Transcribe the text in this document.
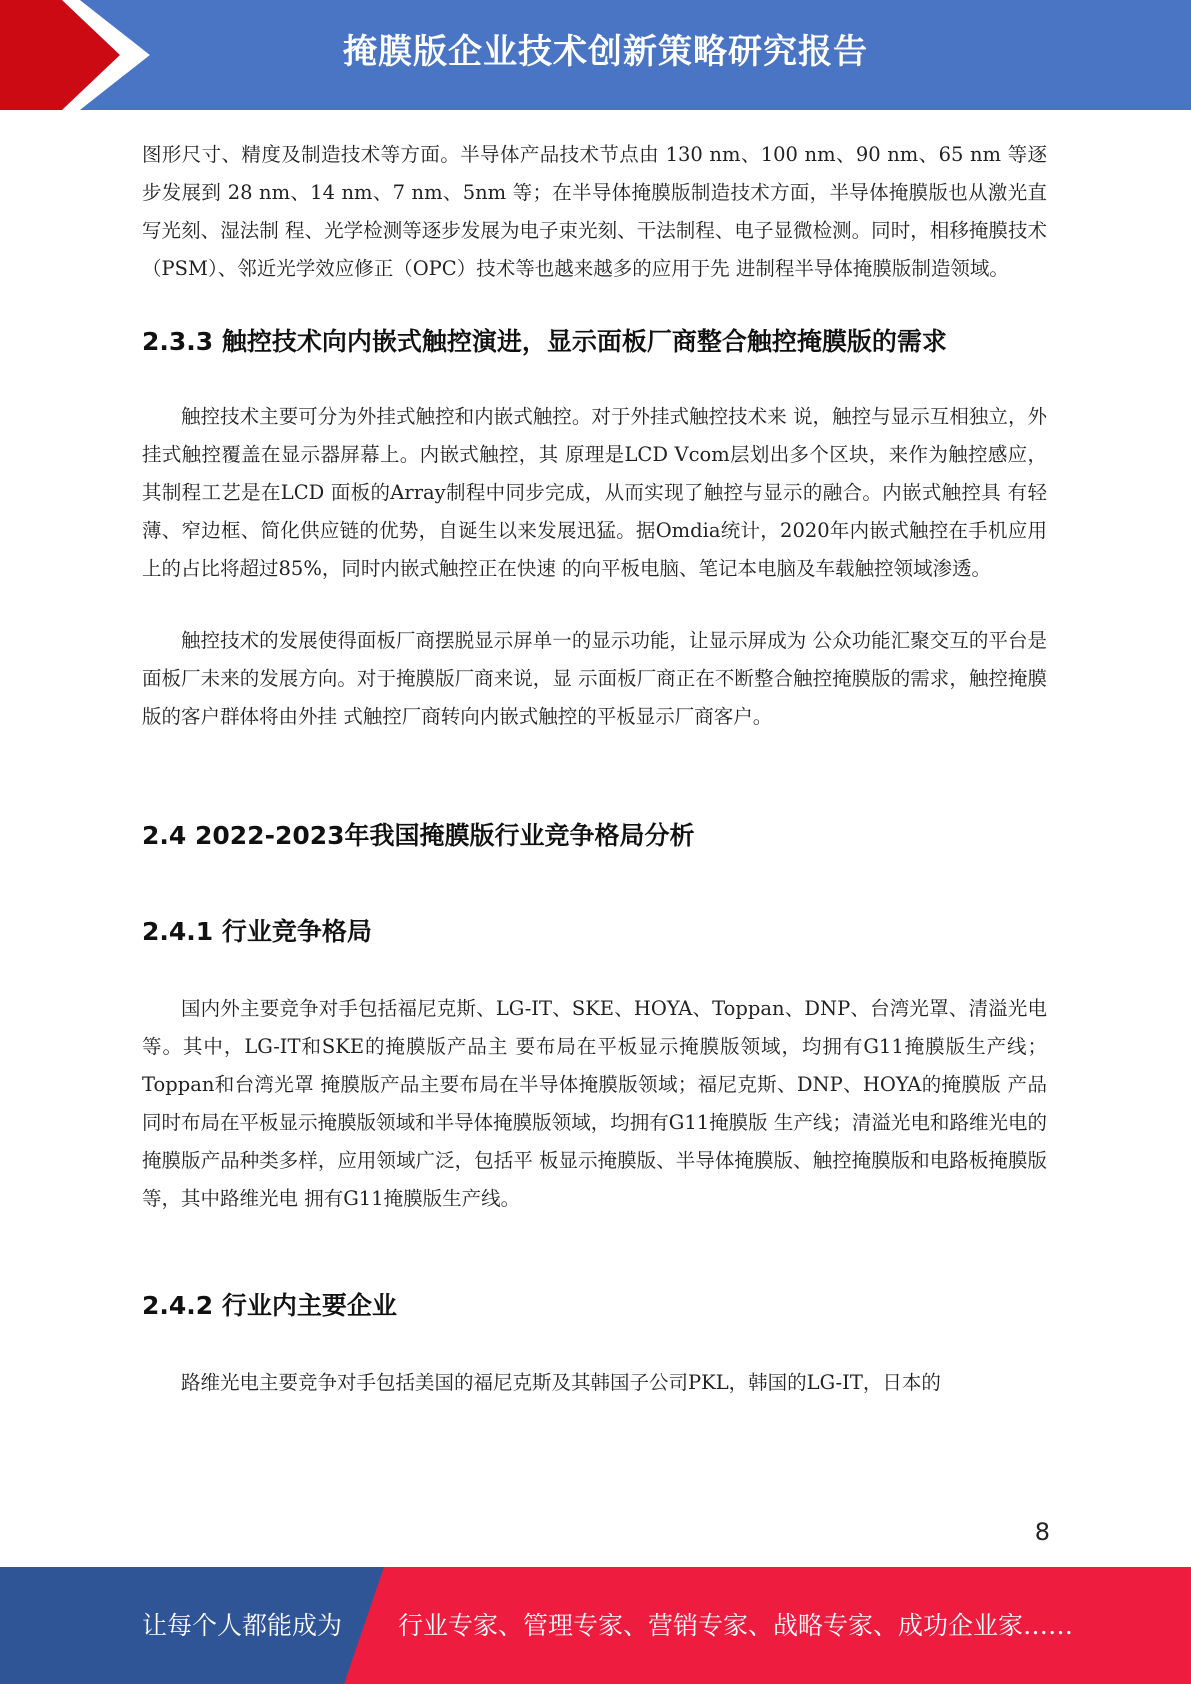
掩膜版企业技术创新策略研究报告

图形尺寸、精度及制造技术等方面。半导体产品技术节点由 130 nm、100 nm、90 nm、65 nm 等逐步发展到 28 nm、14 nm、7 nm、5nm 等；在半导体掩膜版制造技术方面，半导体掩膜版也从激光直写光刻、湿法制 程、光学检测等逐步发展为电子束光刻、干法制程、电子显微检测。同时，相移掩膜技术（PSM）、邻近光学效应修正（OPC）技术等也越来越多的应用于先 进制程半导体掩膜版制造领域。

2.3.3 触控技术向内嵌式触控演进，显示面板厂商整合触控掩膜版的需求

触控技术主要可分为外挂式触控和内嵌式触控。对于外挂式触控技术来 说，触控与显示互相独立，外挂式触控覆盖在显示器屏幕上。内嵌式触控，其 原理是LCD Vcom层划出多个区块，来作为触控感应，其制程工艺是在LCD 面板的Array制程中同步完成，从而实现了触控与显示的融合。内嵌式触控具 有轻薄、窄边框、简化供应链的优势，自诞生以来发展迅猛。据Omdia统计，2020年内嵌式触控在手机应用上的占比将超过85%，同时内嵌式触控正在快速 的向平板电脑、笔记本电脑及车载触控领域渗透。

触控技术的发展使得面板厂商摆脱显示屏单一的显示功能，让显示屏成为 公众功能汇聚交互的平台是面板厂未来的发展方向。对于掩膜版厂商来说，显 示面板厂商正在不断整合触控掩膜版的需求，触控掩膜版的客户群体将由外挂 式触控厂商转向内嵌式触控的平板显示厂商客户。

2.4 2022-2023年我国掩膜版行业竞争格局分析
2.4.1 行业竞争格局

国内外主要竞争对手包括福尼克斯、LG-IT、SKE、HOYA、Toppan、DNP、台湾光罩、清溢光电等。其中，LG-IT和SKE的掩膜版产品主 要布局在平板显示掩膜版领域，均拥有G11掩膜版生产线；Toppan和台湾光罩 掩膜版产品主要布局在半导体掩膜版领域；福尼克斯、DNP、HOYA的掩膜版 产品同时布局在平板显示掩膜版领域和半导体掩膜版领域，均拥有G11掩膜版 生产线；清溢光电和路维光电的掩膜版产品种类多样，应用领域广泛，包括平 板显示掩膜版、半导体掩膜版、触控掩膜版和电路板掩膜版等，其中路维光电 拥有G11掩膜版生产线。

2.4.2 行业内主要企业

路维光电主要竞争对手包括美国的福尼克斯及其韩国子公司PKL，韩国的LG-IT，日本的

8
让每个人都能成为 行业专家、管理专家、营销专家、战略专家、成功企业家……
